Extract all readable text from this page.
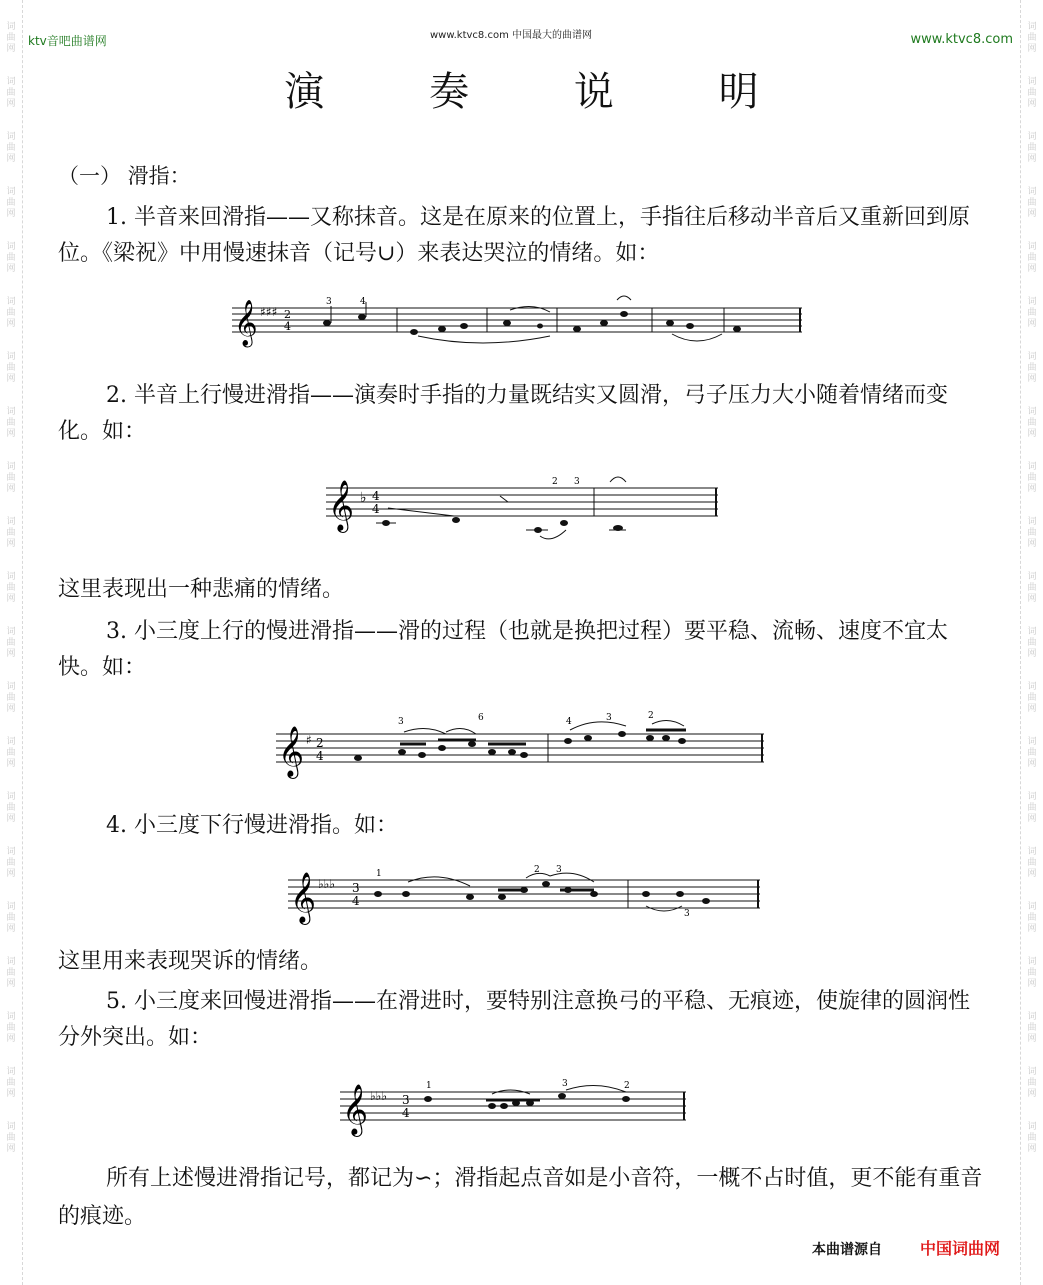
词
曲
网
词
曲
网
词
曲
网
词
曲
网
词
曲
网
词
曲
网
词
曲
网
词
曲
网
词
曲
网
词
曲
网
词
曲
网
词
曲
网
词
曲
网
词
曲
网
词
曲
网
词
曲
网
词
曲
网
词
曲
网
词
曲
网
词
曲
网
词
曲
网
词
曲
网
词
曲
网
词
曲
网
词
曲
网
词
曲
网
词
曲
网
词
曲
网
词
曲
网
词
曲
网
词
曲
网
词
曲
网
词
曲
网
词
曲
网
词
曲
网
词
曲
网
词
曲
网
词
曲
网
词
曲
网
词
曲
网
词
曲
网
词
曲
网
ktv音吧曲谱网	www.ktvc8.com 中国最大的曲谱网	www.ktvc8.com
演 奏 说 明

（一） 滑指：

1. 半音来回滑指——又称抹音。这是在原来的位置上，手指往后移动半音后又重新回到原位。《梁祝》中用慢速抹音（记号∪）来表达哭泣的情绪。如：

𝄞 ♯♯♯ 2
4
3	4

2. 半音上行慢进滑指——演奏时手指的力量既结实又圆滑，弓子压力大小随着情绪而变化。如：

𝄞 ♭ 4
4
2 3

这里表现出一种悲痛的情绪。

3. 小三度上行的慢进滑指——滑的过程（也就是换把过程）要平稳、流畅、速度不宜太快。如：

𝄞 ♯ 2
4
3	6	4	3	2

4. 小三度下行慢进滑指。如：

𝄞 ♭♭♭ 3
4
1	2 3
3

这里用来表现哭诉的情绪。

5. 小三度来回慢进滑指——在滑进时，要特别注意换弓的平稳、无痕迹，使旋律的圆润性分外突出。如：

𝄞 ♭♭♭ 3
4
1	3	2

所有上述慢进滑指记号，都记为∽；滑指起点音如是小音符，一概不占时值，更不能有重音的痕迹。

本曲谱源自 中国词曲网
